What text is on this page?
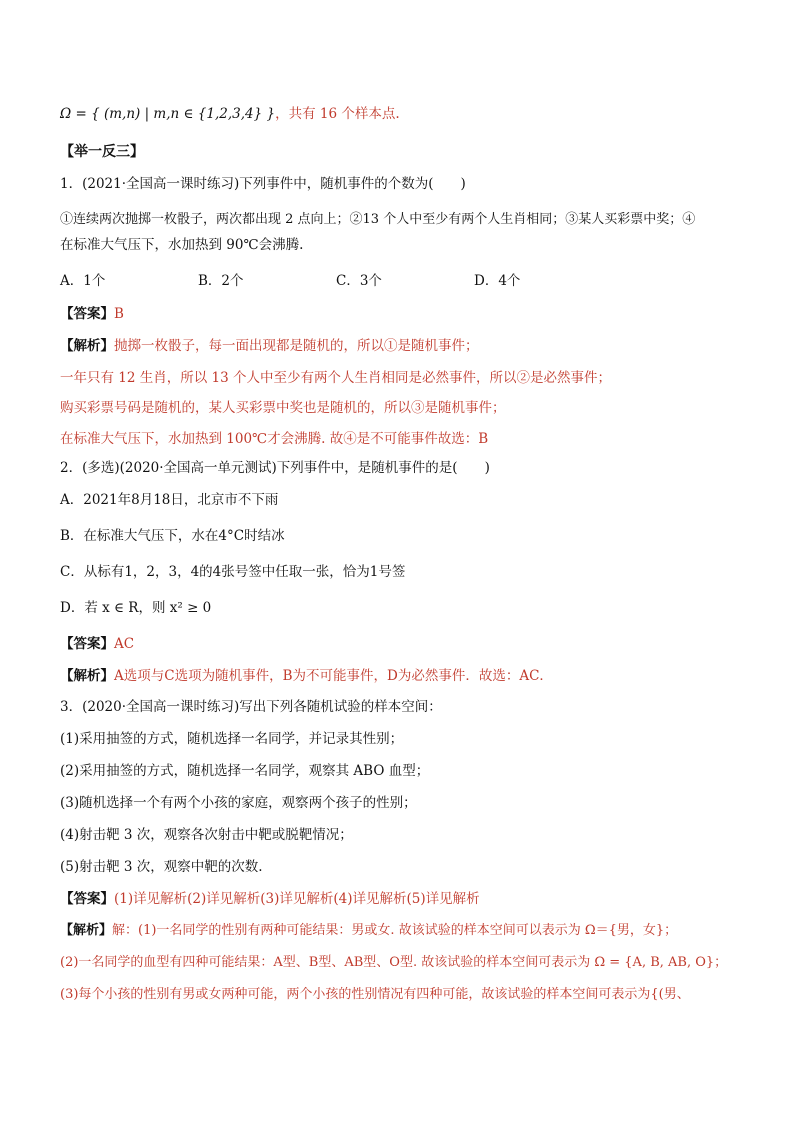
Ω = { (m,n) | m,n ∈ {1,2,3,4} }，共有 16 个样本点.
【举一反三】
1．(2021·全国高一课时练习)下列事件中，随机事件的个数为(　　)
①连续两次抛掷一枚骰子，两次都出现 2 点向上；②13 个人中至少有两个人生肖相同；③某人买彩票中奖；④
在标准大气压下，水加热到 90℃会沸腾.
A．1个	B．2个	C．3个	D．4个
【答案】B
【解析】抛掷一枚骰子，每一面出现都是随机的，所以①是随机事件；
一年只有 12 生肖，所以 13 个人中至少有两个人生肖相同是必然事件，所以②是必然事件；
购买彩票号码是随机的，某人买彩票中奖也是随机的，所以③是随机事件；
在标准大气压下，水加热到 100℃才会沸腾. 故④是不可能事件故选：B
2．(多选)(2020·全国高一单元测试)下列事件中，是随机事件的是(　　)
A．2021年8月18日，北京市不下雨
B．在标准大气压下，水在4°C时结冰
C．从标有1，2，3，4的4张号签中任取一张，恰为1号签
D．若 x ∈ R，则 x² ≥ 0
【答案】AC
【解析】A选项与C选项为随机事件，B为不可能事件，D为必然事件．故选：AC．
3．(2020·全国高一课时练习)写出下列各随机试验的样本空间：
(1)采用抽签的方式，随机选择一名同学，并记录其性别；
(2)采用抽签的方式，随机选择一名同学，观察其 ABO 血型；
(3)随机选择一个有两个小孩的家庭，观察两个孩子的性别；
(4)射击靶 3 次，观察各次射击中靶或脱靶情况；
(5)射击靶 3 次，观察中靶的次数.
【答案】(1)详见解析(2)详见解析(3)详见解析(4)详见解析(5)详见解析
【解析】解：(1)一名同学的性别有两种可能结果：男或女. 故该试验的样本空间可以表示为 Ω＝{男，女}；
(2)一名同学的血型有四种可能结果：A型、B型、AB型、O型. 故该试验的样本空间可表示为 Ω = {A, B, AB, O}；
(3)每个小孩的性别有男或女两种可能，两个小孩的性别情况有四种可能，故该试验的样本空间可表示为{(男、
